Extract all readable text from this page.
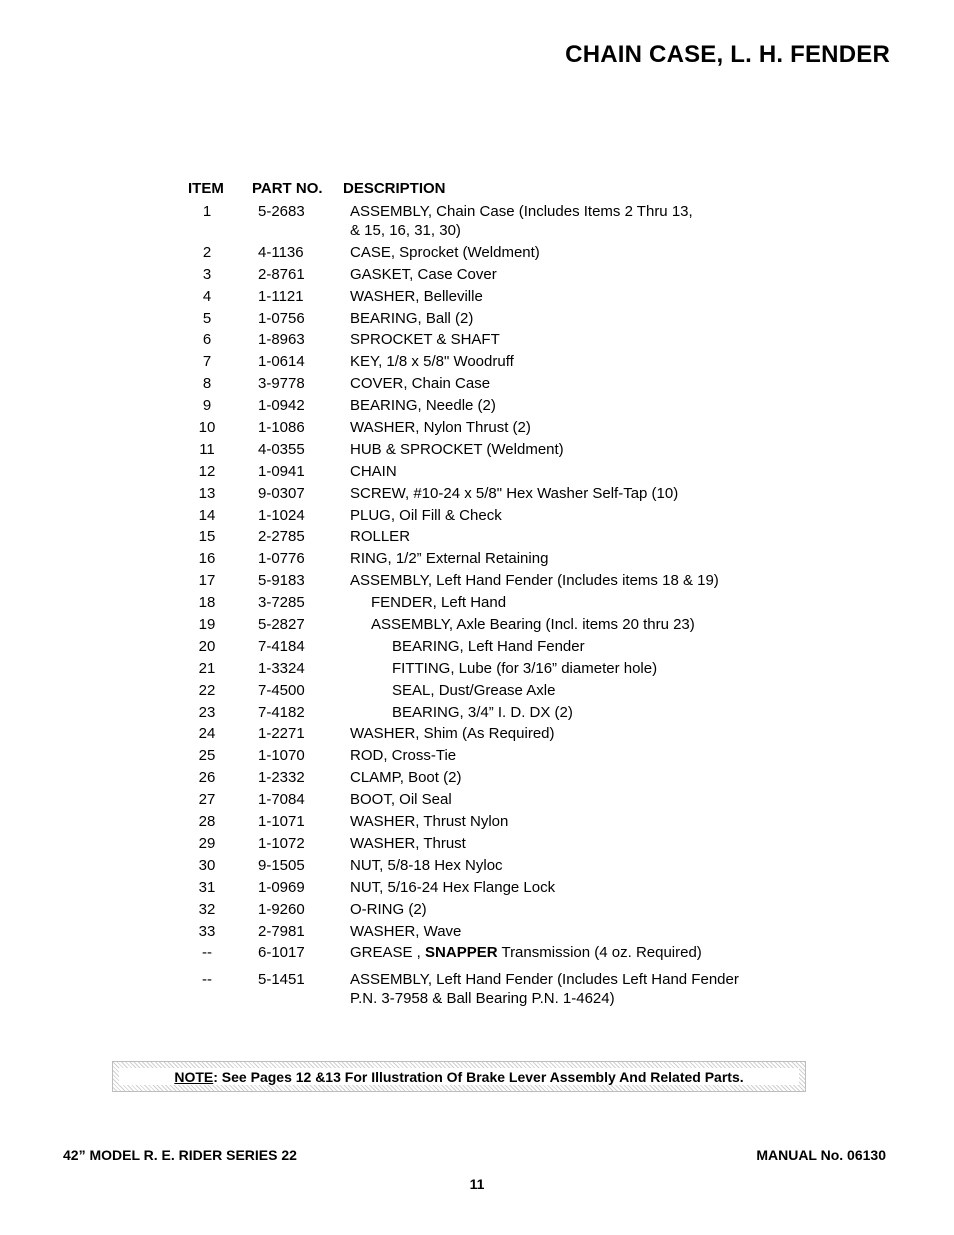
CHAIN CASE, L. H. FENDER
ITEM PART NO. DESCRIPTION
1	5-2683	ASSEMBLY, Chain Case (Includes Items 2 Thru 13,
& 15, 16, 31, 30)
2	4-1136	CASE, Sprocket (Weldment)
3	2-8761	GASKET, Case Cover
4	1-1121	WASHER, Belleville
5	1-0756	BEARING, Ball (2)
6	1-8963	SPROCKET & SHAFT
7	1-0614	KEY, 1/8 x 5/8" Woodruff
8	3-9778	COVER, Chain Case
9	1-0942	BEARING, Needle (2)
10	1-1086	WASHER, Nylon Thrust (2)
11	4-0355	HUB & SPROCKET (Weldment)
12	1-0941	CHAIN
13	9-0307	SCREW, #10-24 x 5/8" Hex Washer Self-Tap (10)
14	1-1024	PLUG, Oil Fill & Check
15	2-2785	ROLLER
16	1-0776	RING, 1/2” External Retaining
17	5-9183	ASSEMBLY, Left Hand Fender (Includes items 18 & 19)
18	3-7285	FENDER, Left Hand
19	5-2827	ASSEMBLY, Axle Bearing (Incl. items 20 thru 23)
20	7-4184	BEARING, Left Hand Fender
21	1-3324	FITTING, Lube (for 3/16” diameter hole)
22	7-4500	SEAL, Dust/Grease Axle
23	7-4182	BEARING, 3/4” I. D. DX (2)
24	1-2271	WASHER, Shim (As Required)
25	1-1070	ROD, Cross-Tie
26	1-2332	CLAMP, Boot (2)
27	1-7084	BOOT, Oil Seal
28	1-1071	WASHER, Thrust Nylon
29	1-1072	WASHER, Thrust
30	9-1505	NUT, 5/8-18 Hex Nyloc
31	1-0969	NUT, 5/16-24 Hex Flange Lock
32	1-9260	O-RING (2)
33	2-7981	WASHER, Wave
--	6-1017	GREASE , SNAPPER Transmission (4 oz. Required)
--	5-1451	ASSEMBLY, Left Hand Fender (Includes Left Hand Fender
P.N. 3-7958 & Ball Bearing P.N. 1-4624)
NOTE: See Pages 12 &13 For Illustration Of Brake Lever Assembly And Related Parts.
42” MODEL R. E. RIDER SERIES 22	MANUAL No. 06130
11
